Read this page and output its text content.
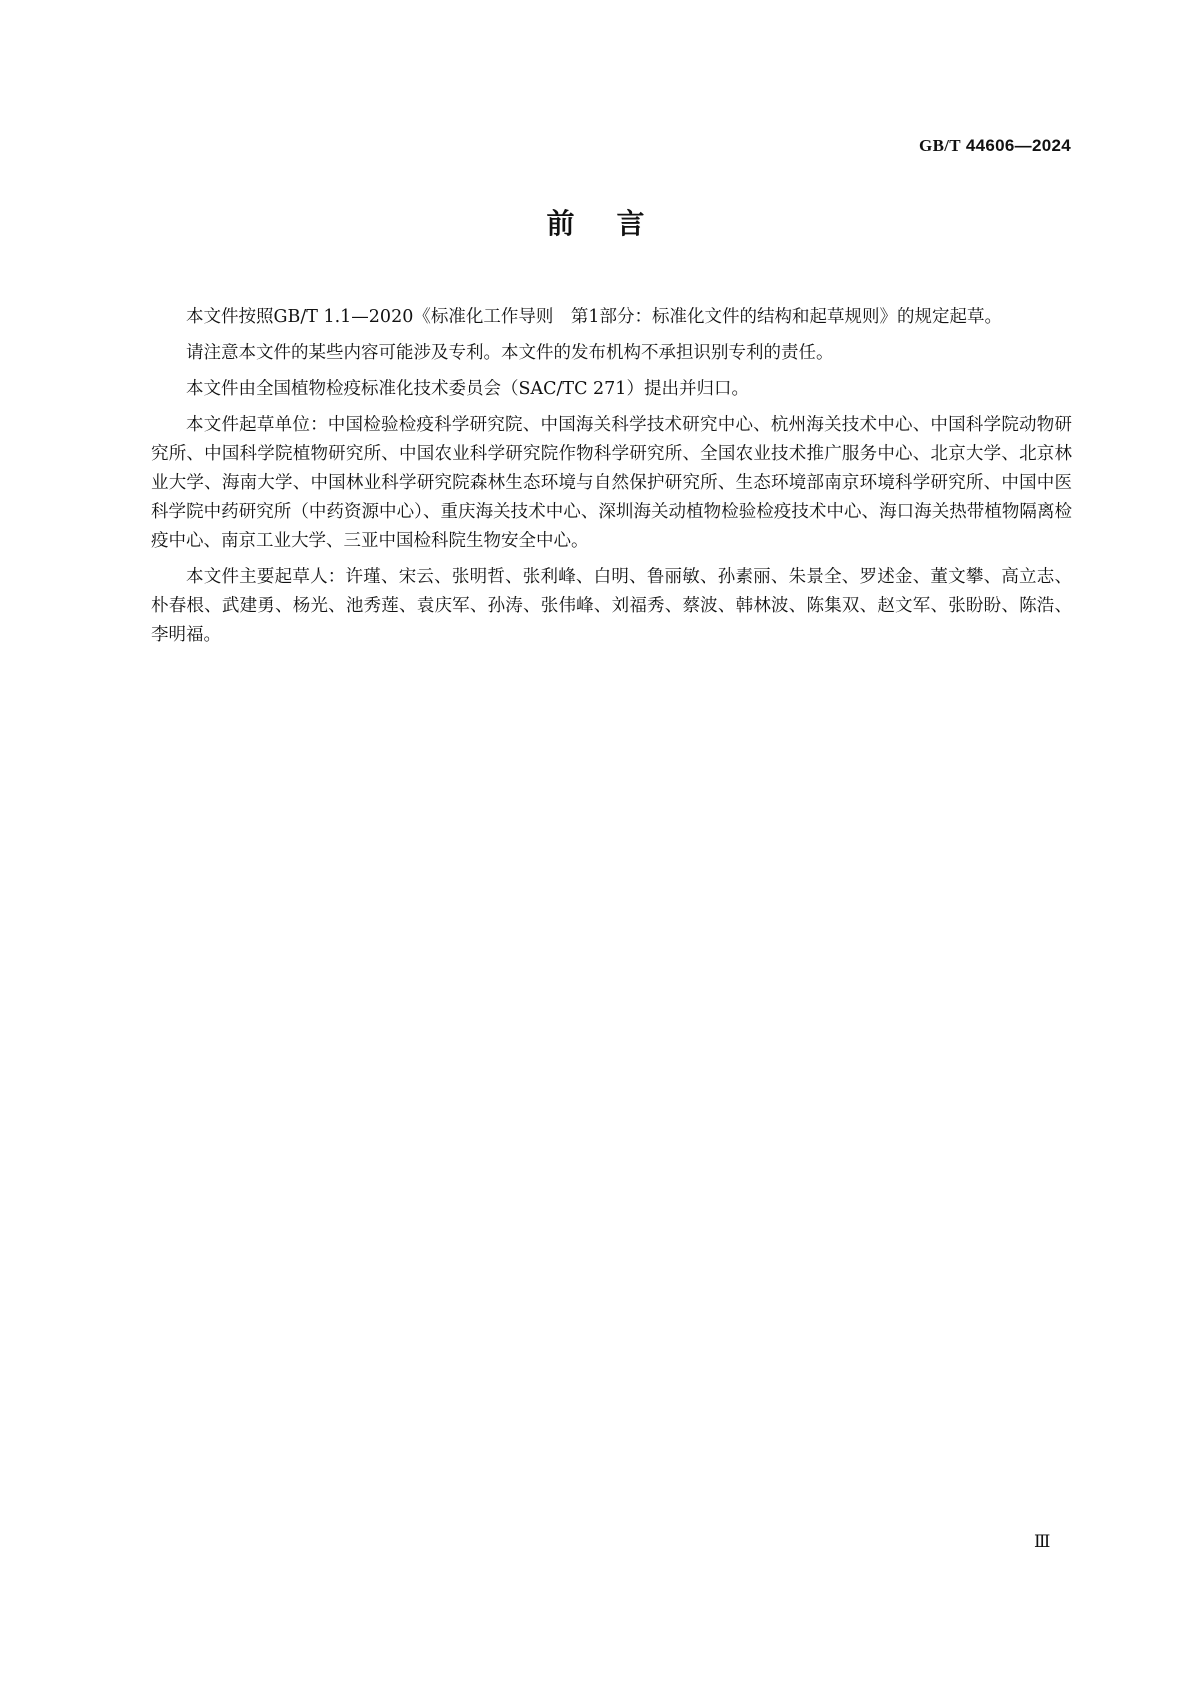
GB/T 44606—2024
前言

本文件按照GB/T 1.1—2020《标准化工作导则　第1部分：标准化文件的结构和起草规则》的规定起草。

请注意本文件的某些内容可能涉及专利。本文件的发布机构不承担识别专利的责任。

本文件由全国植物检疫标准化技术委员会（SAC/TC 271）提出并归口。

本文件起草单位：中国检验检疫科学研究院、中国海关科学技术研究中心、杭州海关技术中心、中国科学院动物研究所、中国科学院植物研究所、中国农业科学研究院作物科学研究所、全国农业技术推广服务中心、北京大学、北京林业大学、海南大学、中国林业科学研究院森林生态环境与自然保护研究所、生态环境部南京环境科学研究所、中国中医科学院中药研究所（中药资源中心）、重庆海关技术中心、深圳海关动植物检验检疫技术中心、海口海关热带植物隔离检疫中心、南京工业大学、三亚中国检科院生物安全中心。

本文件主要起草人：许瑾、宋云、张明哲、张利峰、白明、鲁丽敏、孙素丽、朱景全、罗述金、董文攀、高立志、朴春根、武建勇、杨光、池秀莲、袁庆军、孙涛、张伟峰、刘福秀、蔡波、韩林波、陈集双、赵文军、张盼盼、陈浩、李明福。

Ⅲ
